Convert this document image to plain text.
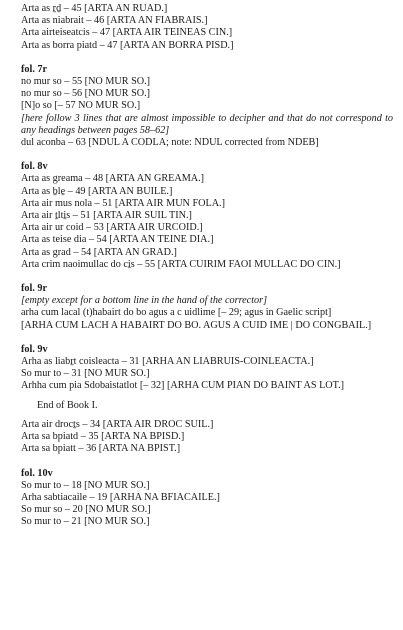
Arta as ṟḏ – 45 [ARTA AN RUAD.]
Arta as niabrait – 46 [ARTA AN FIABRAIS.]
Arta airteiseatcis – 47 [ARTA AIR TEINEAS CIN.]
Arta as borra piatd – 47 [ARTA AN BORRA PISD.]
fol. 7r
no mur so – 55 [NO MUR SO.]
no mur so – 56 [NO MUR SO.]
[N]o so [– 57 NO MUR SO.]
[here follow 3 lines that are almost impossible to decipher and that do not correspond to any headings between pages 58–62]
dul aconba – 63 [NDUL A CODLA; note: NDUL corrected from NDEB]
fol. 8v
Arta as greama – 48 [ARTA AN GREAMA.]
Arta as ḇle̱ – 49 [ARTA AN BUILE.]
Arta air mus nola – 51 [ARTA AIR MUN FOLA.]
Arta air ṯlti̱s – 51 [ARTA AIR SUIL TIN.]
Arta air ur coid – 53 [ARTA AIR URCOID.]
Arta as teise dia – 54 [ARTA AN TEINE DIA.]
Arta as grad – 54 [ARTA AN GRAD.]
Arta crim naoimullac do ci̱s – 55 [ARTA CUIRIM FAOI MULLAC DO CIN.]
fol. 9r
[empty except for a bottom line in the hand of the corrector]
arha cum lacal (t)habairt do bo agus a c uidlime [– 29; agus in Gaelic script]
[ARHA CUM LACH A HABAIRT DO BO. AGUS A CUID IME | DO CONGBAIL.]
fol. 9v
Arha as liabṟt coisleacta – 31 [ARHA AN LIABRUIS-COINLEACTA.]
So mur to – 31 [NO MUR SO.]
Arhha cum pia Sdobaistatlot [– 32] [ARHA CUM PIAN DO BAINT AS LOT.]
End of Book I.
Arta air drocṯs – 34 [ARTA AIR DROC SUIL.]
Arta sa bpiatd – 35 [ARTA NA BPISD.]
Arta sa bpiatt – 36 [ARTA NA BPIST.]
fol. 10v
So mur to – 18 [NO MUR SO.]
Arha sabtiacaile – 19 [ARHA NA BFIACAILE.]
So mur so – 20 [NO MUR SO.]
So mur to – 21 [NO MUR SO.]
